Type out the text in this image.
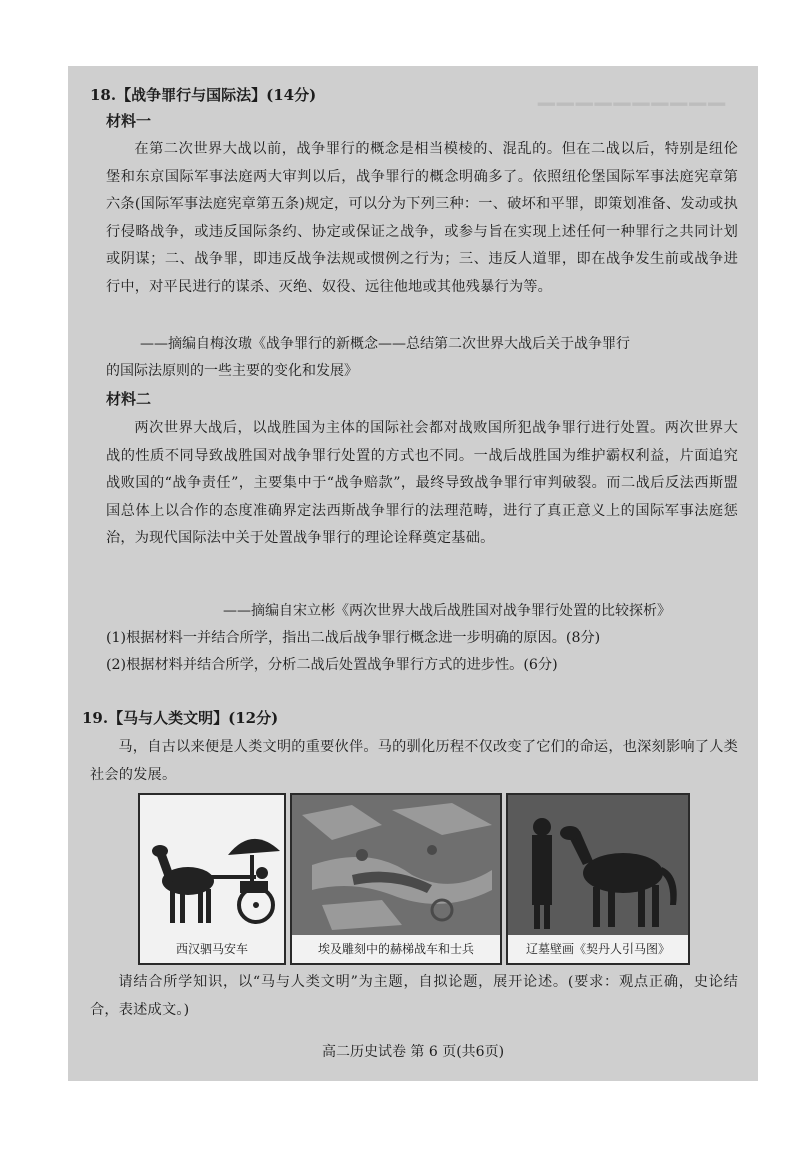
▔▔▔▔▔▔▔▔▔▔
18.【战争罪行与国际法】(14分)
材料一
在第二次世界大战以前，战争罪行的概念是相当模棱的、混乱的。但在二战以后，特别是纽伦堡和东京国际军事法庭两大审判以后，战争罪行的概念明确多了。依照纽伦堡国际军事法庭宪章第六条(国际军事法庭宪章第五条)规定，可以分为下列三种：一、破坏和平罪，即策划准备、发动或执行侵略战争，或违反国际条约、协定或保证之战争，或参与旨在实现上述任何一种罪行之共同计划或阴谋；二、战争罪，即违反战争法规或惯例之行为；三、违反人道罪，即在战争发生前或战争进行中，对平民进行的谋杀、灭绝、奴役、远往他地或其他残暴行为等。
——摘编自梅汝璈《战争罪行的新概念——总结第二次世界大战后关于战争罪行
的国际法原则的一些主要的变化和发展》
材料二
两次世界大战后，以战胜国为主体的国际社会都对战败国所犯战争罪行进行处置。两次世界大战的性质不同导致战胜国对战争罪行处置的方式也不同。一战后战胜国为维护霸权利益，片面追究战败国的“战争责任”，主要集中于“战争赔款”，最终导致战争罪行审判破裂。而二战后反法西斯盟国总体上以合作的态度准确界定法西斯战争罪行的法理范畴，进行了真正意义上的国际军事法庭惩治，为现代国际法中关于处置战争罪行的理论诠释奠定基础。
——摘编自宋立彬《两次世界大战后战胜国对战争罪行处置的比较探析》
(1)根据材料一并结合所学，指出二战后战争罪行概念进一步明确的原因。(8分)
(2)根据材料并结合所学，分析二战后处置战争罪行方式的进步性。(6分)
19.【马与人类文明】(12分)
马，自古以来便是人类文明的重要伙伴。马的驯化历程不仅改变了它们的命运，也深刻影响了人类社会的发展。
西汉驷马安车	埃及雕刻中的赫梯战车和士兵	辽墓壁画《契丹人引马图》
请结合所学知识，以“马与人类文明”为主题，自拟论题，展开论述。(要求：观点正确，史论结合，表述成文。)
高二历史试卷 第 6 页(共6页)
